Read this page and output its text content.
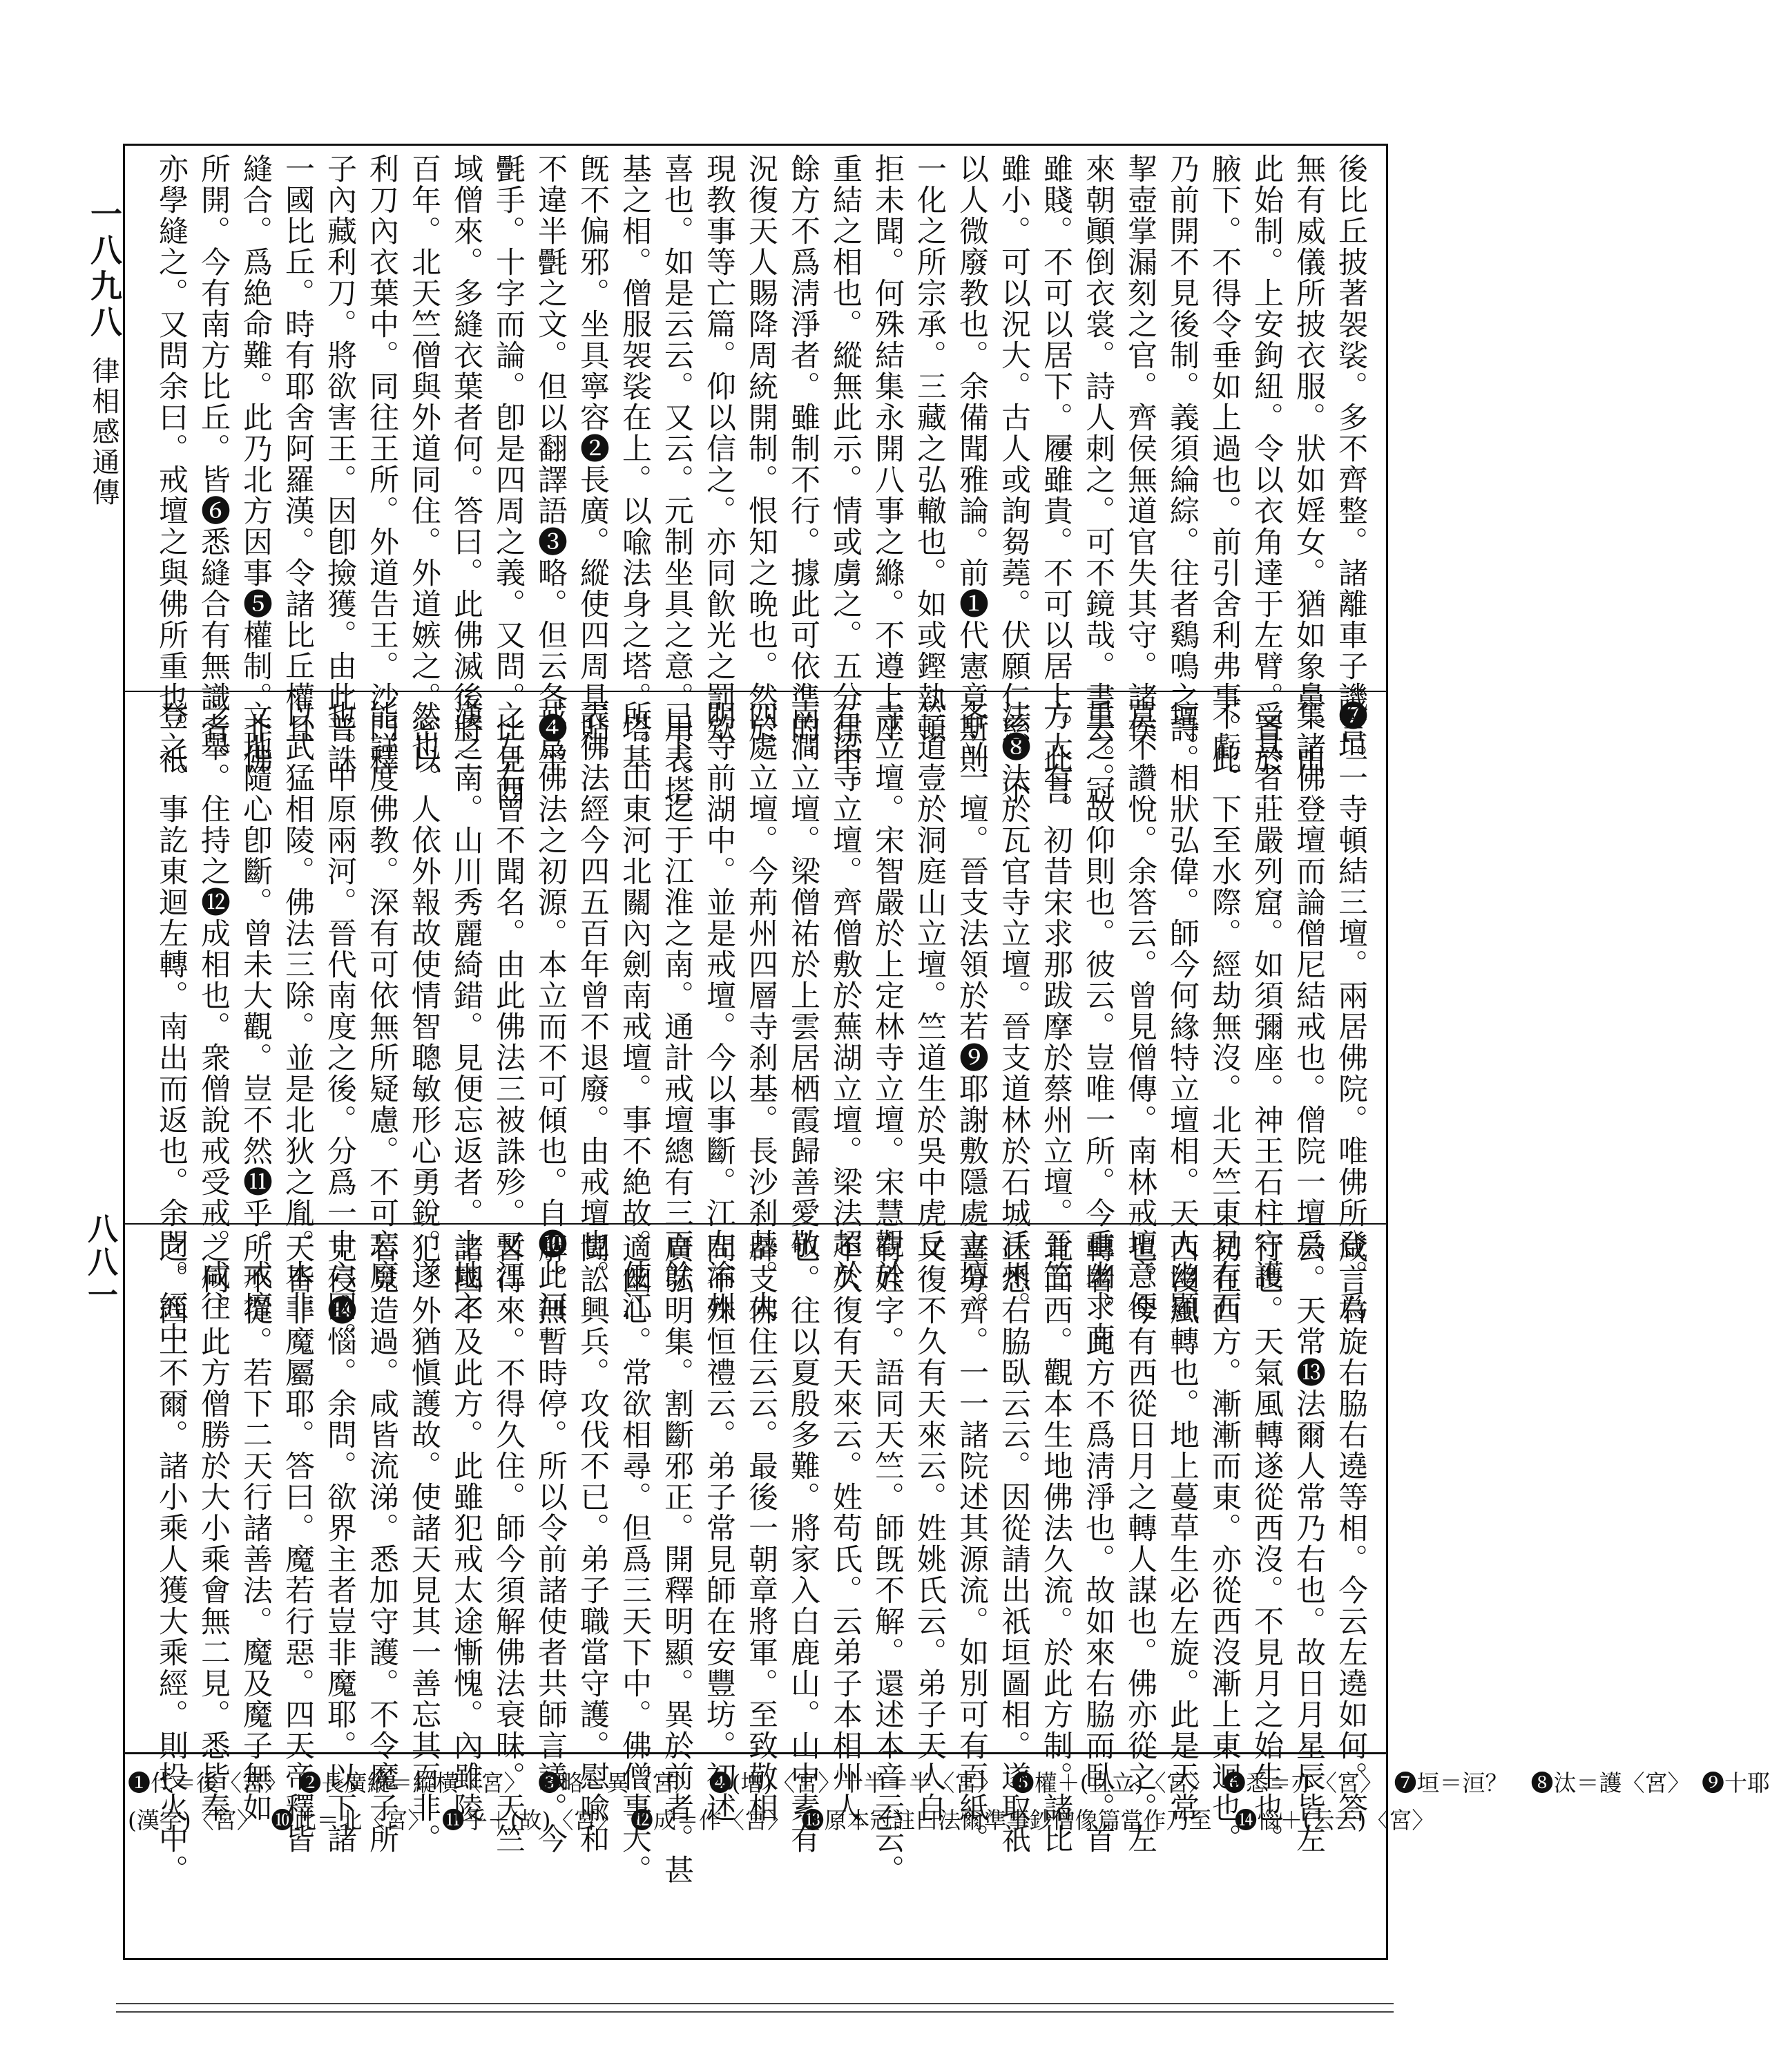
一八九八
律相感通傳
八八一
後比丘披著袈裟。多不齊整。諸離車子譏言。
無有威儀所披衣服。狀如婬女。猶如象鼻。由
此始制。上安鉤紐。令以衣角達于左臂。置於
腋下。不得令垂如上過也。前引舍利弗事。此
乃前開不見後制。義須綸綜。往者鷄鳴之詩。
挈壺掌漏刻之官。齊侯無道官失其守。諸侯
來朝顚倒衣裳。詩人刺之。可不鏡哉。書云。冠
雖賤。不可以居下。屨雖貴。不可以居上。此言
雖小。可以況大。古人或詢芻蕘。伏願仁慈。不
以人微廢教也。余備聞雅論。前❶代憲章斯則
一化之所宗承。三藏之弘轍也。如或鏗執頓
拒未聞。何殊結集永開八事之縧。不遵上座
重結之相也。縱無此示。情或虜之。五分律中。
餘方不爲淸淨者。雖制不行。據此可依準的。
況復天人賜降周統開制。恨知之晩也。然於
現教事等亡篇。仰以信之。亦同飮光之罰欸
喜也。如是云云。又云。元制坐具之意。用表塔
基之相。僧服袈裟在上。以喩法身之塔。塔基
旣不偏邪。坐具寧容❷長廣。縱使四周具貼。
不違半㲲之文。但以翻譯語❸略。但云各❹半
㲲手。十字而論。卽是四周之義。又問。比見西
域僧來。多縫衣葉者何。答曰。此佛滅後將二
百年。北天竺僧與外道同住。外道嫉之。密以
利刀內衣葉中。同往王所。外道告王。沙門釋
子內藏利刀。將欲害王。因卽撿獲。由此普誅
一國比丘。時有耶舍阿羅漢。令諸比丘權且
縫合。爲絶命難。此乃北方因事❺權制。非佛
所開。今有南方比丘。皆❻悉縫合有無識者。
亦學縫之。又問余曰。戒壇之與佛所重也。祇
❼垣一寺頓結三壇。兩居佛院。唯佛所登。爲
集諸佛登壇而論僧尼結戒也。僧院一壇爲
受具者莊嚴列窟。如須彌座。神王石柱守護
不虧。下至水際。經劫無沒。北天竺東見有石
壇。相狀弘偉。師今何緣特立壇相。天人幽顯
莫不讚悅。余答云。曾見僧傳。南林戒壇意便
重之。故仰則也。彼云。豈唯一所。今重幽求南
方大有。初昔宋求那跋摩於蔡州立壇。晉竺
法❽汰於瓦官寺立壇。晉支道林於石城沃州。
各立一壇。晉支法領於若❾耶謝敷隱處立壇。
竺道壹於洞庭山立壇。竺道生於吳中虎丘
寺立壇。宋智嚴於上定林寺立壇。宋慧觀於
石梁寺立壇。齊僧敷於蕪湖立壇。梁法超於
南澗立壇。梁僧祐於上雲居栖霞歸善愛敬
四處立壇。今荊州四層寺刹基。長沙刹基。大
明寺前湖中。並是戒壇。今以事斷。江左淪州
已下。迄于江淮之南。通計戒壇總有三百餘
所。山東河北關內劍南戒壇。事不絶故。使江
表佛法經今四五百年曾不退廢。由戒壇也。
戒爲佛法之初源。本立而不可傾也。自❿此河
之左右曾不聞名。由此佛法三被誅殄。又江
漢之南。山川秀麗綺錯。見便忘返者。土地之
然也。人依外報故使情智聰敏形心勇銳。遂
能詳度佛教。深有可依無所疑慮。不可忘廢
也。中原兩河。晉代南度之後。分爲一十六國。
以武猛相陵。佛法三除。並是北狄之胤。本非
文地隨心卽斷。曾未大觀。豈不然⓫乎。戒壇
之舉。住持之⓬成相也。衆僧說戒受戒。咸往
登之。事訖東迴左轉。南出而返也。余問。經中
咸言右旋右脇右遶等相。今云左遶如何。答
云。天常⓭法爾人常乃右也。故日月星辰皆左
行也。天氣風轉遂從西沒。不見月之始生也。
初在西方。漸漸而東。亦從西沒漸上東迴也。
西沒風轉也。地上蔓草生必左旋。此是天常
也。今有西從日月之轉人謀也。佛亦從之。左
轉者。此方不爲淸淨也。故如來右脇而臥。首
北面西。觀本生地佛法久流。於此方制。諸比
丘悉右脇臥云云。因從請出祇垣圖相。遂取祇
畫分齊。一一諸院述其源流。如別可有百紙。
又復不久有天來云。姓姚氏云。弟子天人自
有姓字。語同天竺。師旣不解。還述本音云云。
不久復有天來云。姓苟氏。云弟子本相州人
也。往以夏殷多難。將家入白鹿山。山中素有
辟支佛住云云。最後一朝章將軍。至致敬相
問不殊恒禮云。弟子常見師在安豐坊。初述
廣弘明集。割斷邪正。開釋明顯。異於前者。甚
適幽心。常欲相尋。但爲三天下中。佛僧事大。
鬪訟興兵。攻伐不已。弟子職當守護。慰喩和
解。無暫時停。所以令前諸使者共師言議。今
暫得來。不得久住。師今須解佛法衰昧。天竺
諸國不及此方。此雖犯戒太途慚愧。內雖陵
犯。外猶愼護故。使諸天見其一善忘其百非。
若見造過。咸皆流涕。悉加守護。不令魔子所
見侵⓮惱。余問。欲界主者豈非魔耶。以下諸
天皆非魔屬耶。答曰。魔若行惡。四天帝釋皆
所不從。若下二天行諸善法。魔及魔子無如
之何。此方僧勝於大小乘會無二見。悉皆奉
之。西土不爾。諸小乘人獲大乘經。則投火中。
❶代＝後〈宮〉　❷長廣縱＝縱橫〈宮〉　❸略＝異〈宮〉　❹(增)〈宮〉十半＝半〈宮〉　❺權＋(且立)〈宮〉　❻悉＝亦〈宮〉　❼垣＝洹？　❽汰＝護〈宮〉　❾十耶
(漢字)〈宮〉　❿此＝北〈宮〉　⓫乎＋(故)〈宮〉　⓬成＝作〈宮〉　⓭原本冠註曰法爾準事鈔僧像篇當作乃至　⓮惱＋(云云)〈宮〉
